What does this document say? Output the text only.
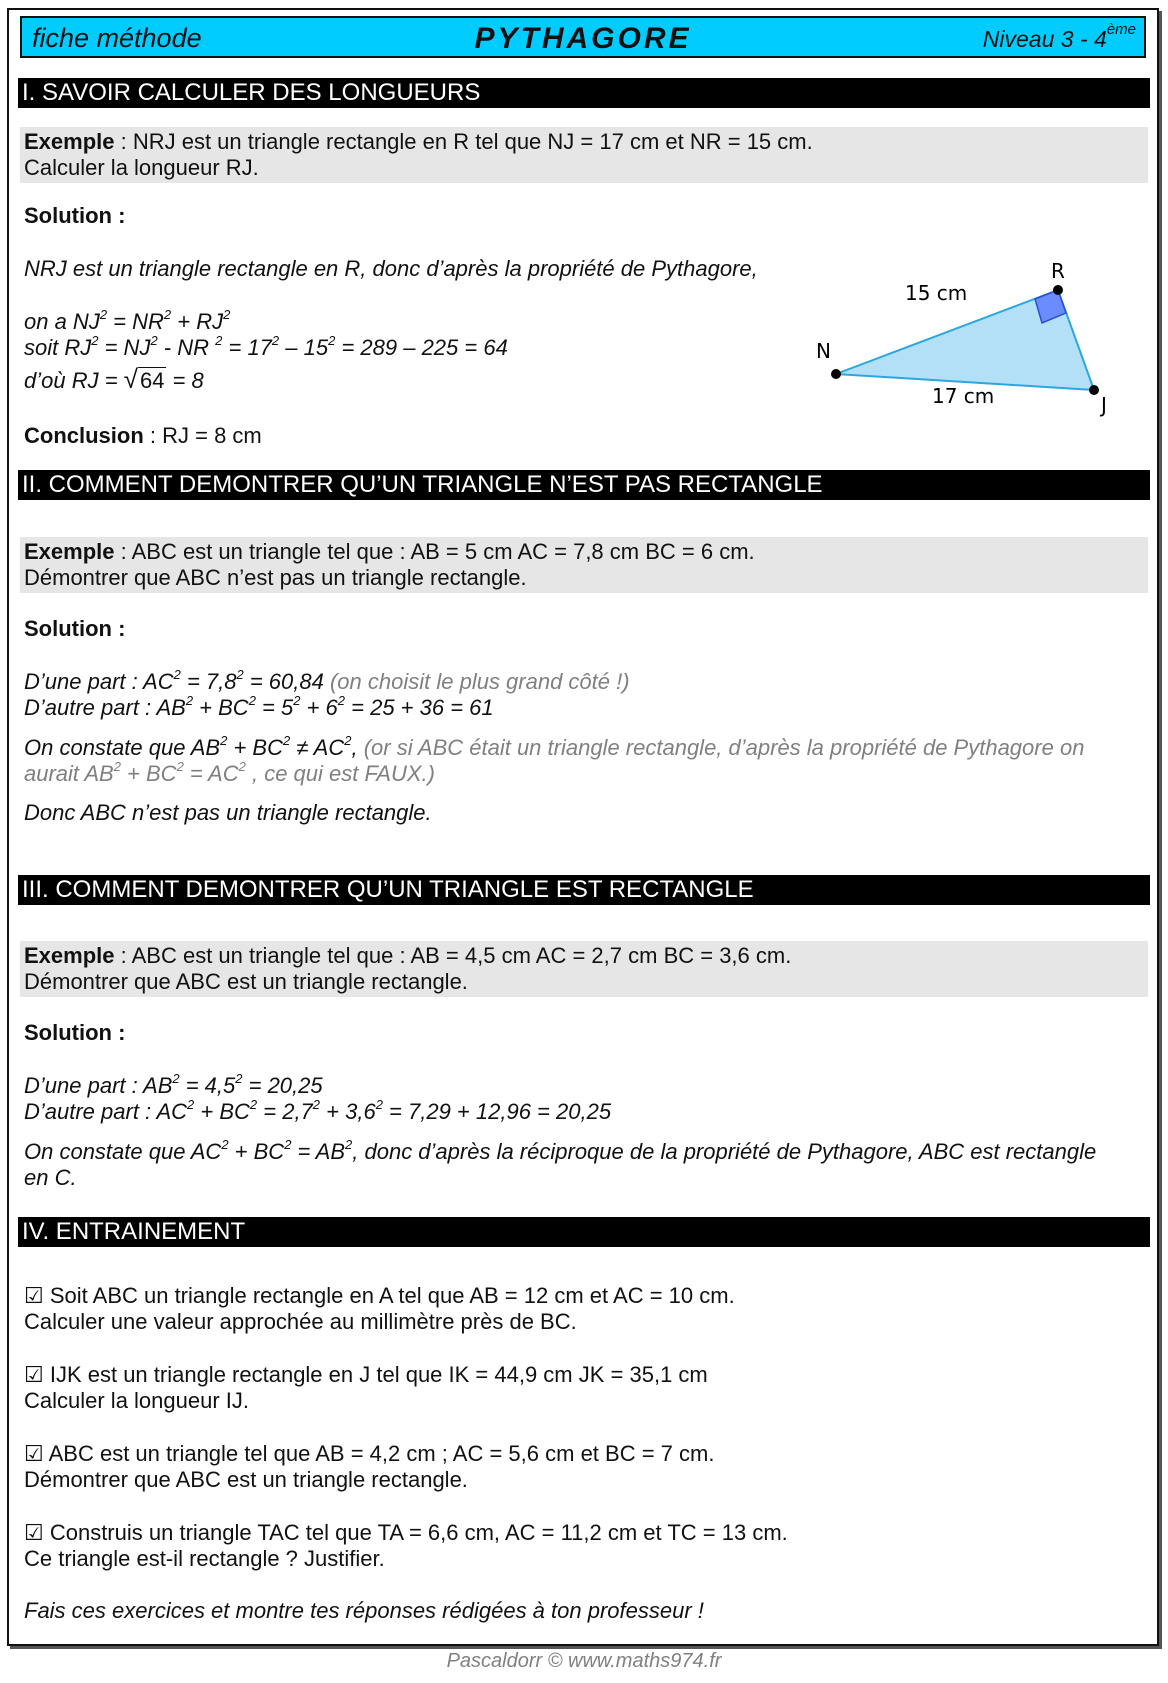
fiche méthode	PYTHAGORE	Niveau 3 - 4ème
I. SAVOIR CALCULER DES LONGUEURS
Exemple : NRJ est un triangle rectangle en R tel que NJ = 17 cm et NR = 15 cm.
Calculer la longueur RJ.
Solution :
NRJ est un triangle rectangle en R, donc d’après la propriété de Pythagore,
on a $NJ^2 = NR^2 + RJ^2$
soit $RJ^2 = NJ^2$ - NR $^2 = 17^2 - 15^2 = 289 - 225 = 64$
d’où RJ = √64 = 8
Conclusion : RJ = 8 cm
R
N
J
15 cm
17 cm
II. COMMENT DEMONTRER QU’UN TRIANGLE N’EST PAS RECTANGLE
Exemple : ABC est un triangle tel que : AB = 5 cm AC = 7,8 cm BC = 6 cm.
Démontrer que ABC n’est pas un triangle rectangle.
Solution :
D’une part : $AC^2 = 7,8^2 = 60,84$ (on choisit le plus grand côté !)
D’autre part : $AB^2 + BC^2 = 5^2 + 6^2 = 25 + 36 = 61$
On constate que $AB^2 + BC^2 \ne AC^2$, (or si ABC était un triangle rectangle, d’après la propriété de Pythagore on
aurait $AB^2 + BC^2 = AC^2$ , ce qui est FAUX.)
Donc ABC n’est pas un triangle rectangle.
III. COMMENT DEMONTRER QU’UN TRIANGLE EST RECTANGLE
Exemple : ABC est un triangle tel que : AB = 4,5 cm AC = 2,7 cm BC = 3,6 cm.
Démontrer que ABC est un triangle rectangle.
Solution :
D’une part : $AB^2 = 4,5^2 = 20,25$
D’autre part : $AC^2 + BC^2 = 2,7^2 + 3,6^2 = 7,29 + 12,96 = 20,25$
On constate que $AC^2 + BC^2 = AB^2$, donc d’après la réciproque de la propriété de Pythagore, ABC est rectangle
en C.
IV. ENTRAINEMENT
☑ Soit ABC un triangle rectangle en A tel que AB = 12 cm et AC = 10 cm.
Calculer une valeur approchée au millimètre près de BC.
☑ IJK est un triangle rectangle en J tel que IK = 44,9 cm JK = 35,1 cm
Calculer la longueur IJ.
☑ ABC est un triangle tel que AB = 4,2 cm ; AC = 5,6 cm et BC = 7 cm.
Démontrer que ABC est un triangle rectangle.
☑ Construis un triangle TAC tel que TA = 6,6 cm, AC = 11,2 cm et TC = 13 cm.
Ce triangle est-il rectangle ? Justifier.
Fais ces exercices et montre tes réponses rédigées à ton professeur !
Pascaldorr © www.maths974.fr
